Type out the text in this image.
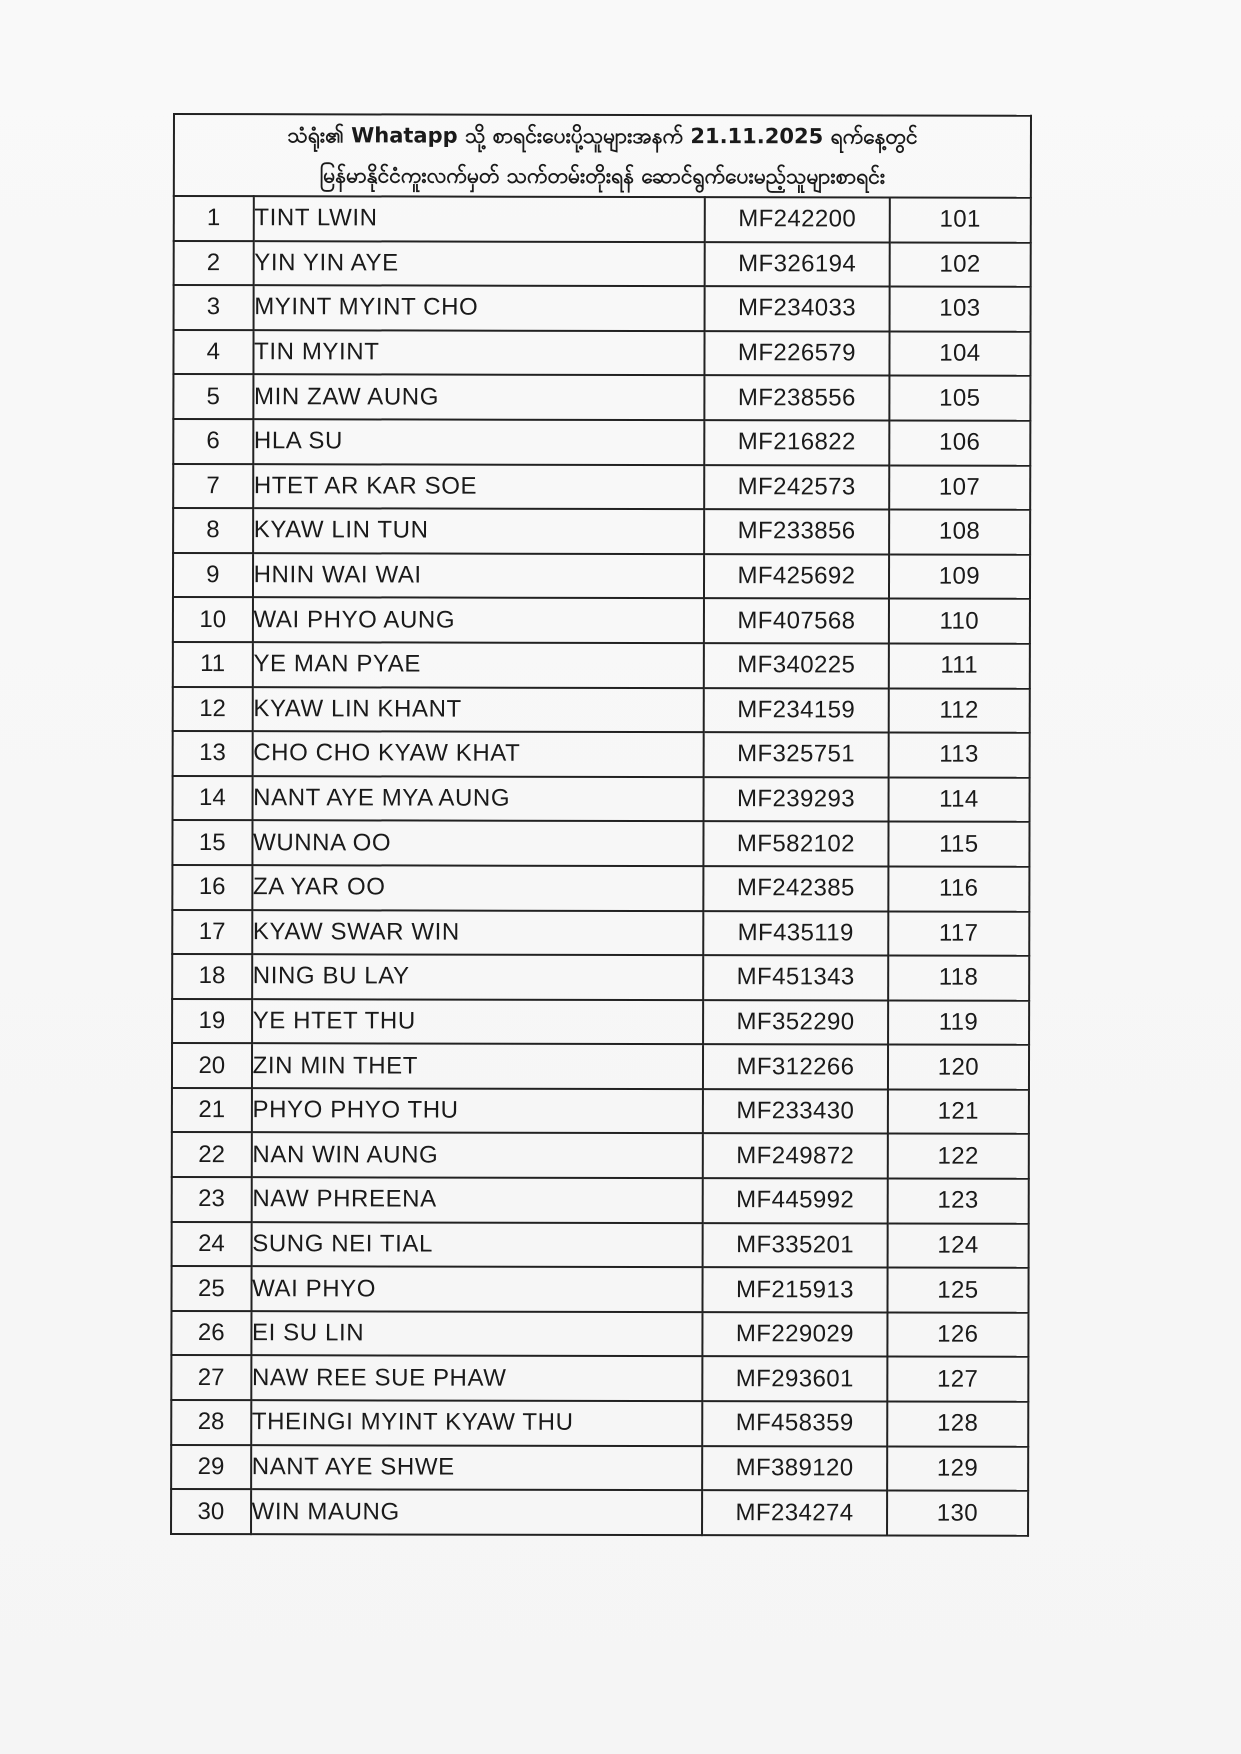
သံရုံး၏ Whatapp သို့ စာရင်းပေးပို့သူများအနက် 21.11.2025 ရက်နေ့တွင်
မြန်မာနိုင်ငံကူးလက်မှတ် သက်တမ်းတိုးရန် ဆောင်ရွက်ပေးမည့်သူများစာရင်း			

1	TINT LWIN	MF242200	101
2	YIN YIN AYE	MF326194	102
3	MYINT MYINT CHO	MF234033	103
4	TIN MYINT	MF226579	104
5	MIN ZAW AUNG	MF238556	105
6	HLA SU	MF216822	106
7	HTET AR KAR SOE	MF242573	107
8	KYAW LIN TUN	MF233856	108
9	HNIN WAI WAI	MF425692	109
10	WAI PHYO AUNG	MF407568	110
11	YE MAN PYAE	MF340225	111
12	KYAW LIN KHANT	MF234159	112
13	CHO CHO KYAW KHAT	MF325751	113
14	NANT AYE MYA AUNG	MF239293	114
15	WUNNA OO	MF582102	115
16	ZA YAR OO	MF242385	116
17	KYAW SWAR WIN	MF435119	117
18	NING BU LAY	MF451343	118
19	YE HTET THU	MF352290	119
20	ZIN MIN THET	MF312266	120
21	PHYO PHYO THU	MF233430	121
22	NAN WIN AUNG	MF249872	122
23	NAW PHREENA	MF445992	123
24	SUNG NEI TIAL	MF335201	124
25	WAI PHYO	MF215913	125
26	EI SU LIN	MF229029	126
27	NAW REE SUE PHAW	MF293601	127
28	THEINGI MYINT KYAW THU	MF458359	128
29	NANT AYE SHWE	MF389120	129
30	WIN MAUNG	MF234274	130
